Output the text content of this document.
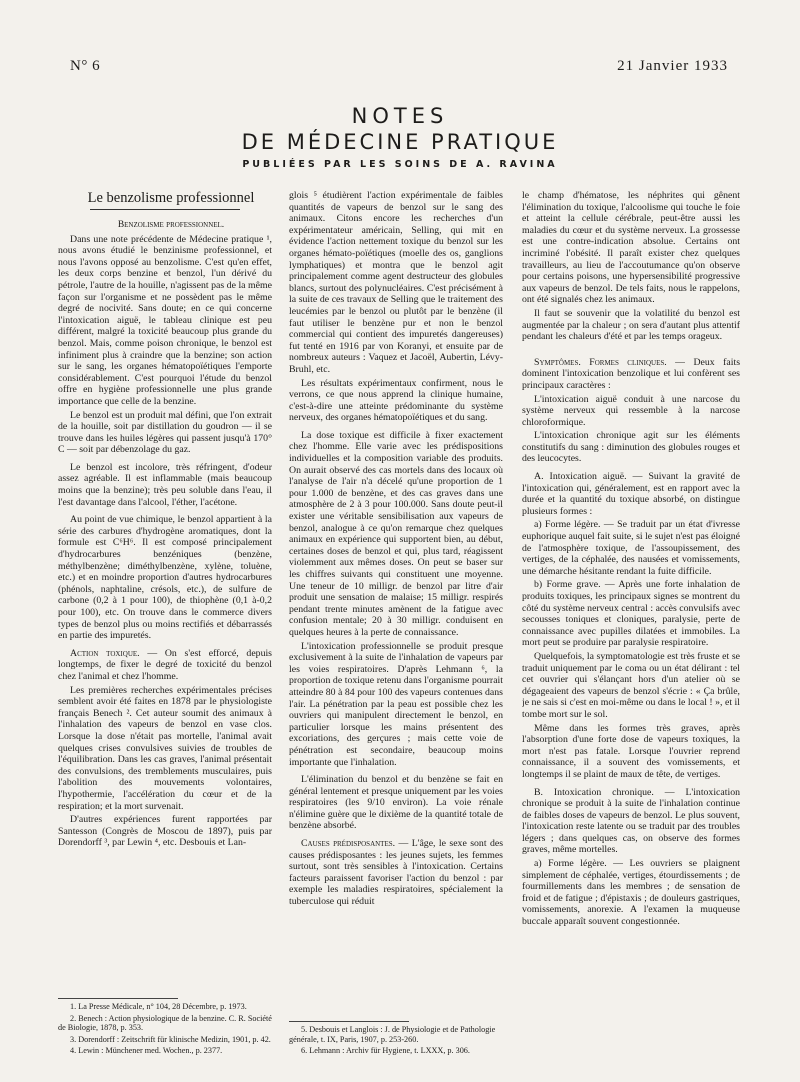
N° 6	21 Janvier 1933
NOTES
DE MÉDECINE PRATIQUE
PUBLIÉES PAR LES SOINS DE A. RAVINA

Le benzolisme professionnel

Benzolisme professionnel.

Dans une note précédente de Médecine pratique ¹, nous avons étudié le benzinisme professionnel, et nous l'avons opposé au benzolisme. C'est qu'en effet, les deux corps benzine et benzol, l'un dérivé du pétrole, l'autre de la houille, n'agissent pas de la même façon sur l'organisme et ne possèdent pas le même degré de nocivité. Sans doute; en ce qui concerne l'intoxication aiguë, le tableau clinique est peu différent, malgré la toxicité beaucoup plus grande du benzol. Mais, comme poison chronique, le benzol est infiniment plus à craindre que la benzine; son action sur le sang, les organes hématopoïétiques l'emporte considérablement. C'est pourquoi l'étude du benzol offre en hygiène professionnelle une plus grande importance que celle de la benzine.

Le benzol est un produit mal défini, que l'on extrait de la houille, soit par distillation du goudron — il se trouve dans les huiles légères qui passent jusqu'à 170° C — soit par débenzolage du gaz.

Le benzol est incolore, très réfringent, d'odeur assez agréable. Il est inflammable (mais beaucoup moins que la benzine); très peu soluble dans l'eau, il l'est davantage dans l'alcool, l'éther, l'acétone.

Au point de vue chimique, le benzol appartient à la série des carbures d'hydrogène aromatiques, dont la formule est C⁶H⁶. Il est composé principalement d'hydrocarbures benzéniques (benzène, méthylbenzène; diméthylbenzène, xylène, toluène, etc.) et en moindre proportion d'autres hydrocarbures (phénols, naphtaline, crésols, etc.), de sulfure de carbone (0,2 à 1 pour 100), de thiophène (0,1 à-0,2 pour 100), etc. On trouve dans le commerce divers types de benzol plus ou moins rectifiés et débarrassés en partie des impuretés.

Action toxique. — On s'est efforcé, depuis longtemps, de fixer le degré de toxicité du benzol chez l'animal et chez l'homme.

Les premières recherches expérimentales précises semblent avoir été faites en 1878 par le physiologiste français Benech ². Cet auteur soumit des animaux à l'inhalation des vapeurs de benzol en vase clos. Lorsque la dose n'était pas mortelle, l'animal avait quelques crises convulsives suivies de troubles de l'équilibration. Dans les cas graves, l'animal présentait des convulsions, des tremblements musculaires, puis l'abolition des mouvements volontaires, l'hypothermie, l'accélération du cœur et de la respiration; et la mort survenait.

D'autres expériences furent rapportées par Santesson (Congrès de Moscou de 1897), puis par Dorendorff ³, par Lewin ⁴, etc. Desbouis et Lan-

1. La Presse Médicale, n° 104, 28 Décembre, p. 1973.

2. Benech : Action physiologique de la benzine. C. R. Société de Biologie, 1878, p. 353.

3. Dorendorff : Zeitschrift für klinische Medizin, 1901, p. 42.

4. Lewin : Münchener med. Wochen., p. 2377.

glois ⁵ étudièrent l'action expérimentale de faibles quantités de vapeurs de benzol sur le sang des animaux. Citons encore les recherches d'un expérimentateur américain, Selling, qui mit en évidence l'action nettement toxique du benzol sur les organes hémato-poïétiques (moelle des os, ganglions lymphatiques) et montra que le benzol agit principalement comme agent destructeur des globules blancs, surtout des polynucléaires. C'est précisément à la suite de ces travaux de Selling que le traitement des leucémies par le benzol ou plutôt par le benzène (il faut utiliser le benzène pur et non le benzol commercial qui contient des impuretés dangereuses) fut tenté en 1916 par von Koranyi, et ensuite par de nombreux auteurs : Vaquez et Jacoël, Aubertin, Lévy-Bruhl, etc.

Les résultats expérimentaux confirment, nous le verrons, ce que nous apprend la clinique humaine, c'est-à-dire une atteinte prédominante du système nerveux, des organes hématopoïétiques et du sang.

La dose toxique est difficile à fixer exactement chez l'homme. Elle varie avec les prédispositions individuelles et la composition variable des produits. On aurait observé des cas mortels dans des locaux où l'analyse de l'air n'a décelé qu'une proportion de 1 pour 1.000 de benzène, et des cas graves dans une atmosphère de 2 à 3 pour 100.000. Sans doute peut-il exister une véritable sensibilisation aux vapeurs de benzol, analogue à ce qu'on remarque chez quelques animaux en expérience qui supportent bien, au début, certaines doses de benzol et qui, plus tard, réagissent violemment aux mêmes doses. On peut se baser sur les chiffres suivants qui constituent une moyenne. Une teneur de 10 milligr. de benzol par litre d'air produit une sensation de malaise; 15 milligr. respirés pendant trente minutes amènent de la fatigue avec confusion mentale; 20 à 30 milligr. conduisent en quelques heures à la perte de connaissance.

L'intoxication professionnelle se produit presque exclusivement à la suite de l'inhalation de vapeurs par les voies respiratoires. D'après Lehmann ⁶, la proportion de toxique retenu dans l'organisme pourrait atteindre 80 à 84 pour 100 des vapeurs contenues dans l'air. La pénétration par la peau est possible chez les ouvriers qui manipulent directement le benzol, en particulier lorsque les mains présentent des excoriations, des gerçures ; mais cette voie de pénétration est secondaire, beaucoup moins importante que l'inhalation.

L'élimination du benzol et du benzène se fait en général lentement et presque uniquement par les voies respiratoires (les 9/10 environ). La voie rénale n'élimine guère que le dixième de la quantité totale de benzène absorbé.

Causes prédisposantes. — L'âge, le sexe sont des causes prédisposantes : les jeunes sujets, les femmes surtout, sont très sensibles à l'intoxication. Certains facteurs paraissent favoriser l'action du benzol : par exemple les maladies respiratoires, spécialement la tuberculose qui réduit

5. Desbouis et Langlois : J. de Physiologie et de Pathologie générale, t. IX, Paris, 1907, p. 253-260.

6. Lehmann : Archiv für Hygiene, t. LXXX, p. 306.

le champ d'hématose, les néphrites qui gênent l'élimination du toxique, l'alcoolisme qui touche le foie et atteint la cellule cérébrale, peut-être aussi les maladies du cœur et du système nerveux. La grossesse est une contre-indication absolue. Certains ont incriminé l'obésité. Il paraît exister chez quelques travailleurs, au lieu de l'accoutumance qu'on observe pour certains poisons, une hypersensibilité progressive aux vapeurs de benzol. De tels faits, nous le rappelons, ont été signalés chez les animaux.

Il faut se souvenir que la volatilité du benzol est augmentée par la chaleur ; on sera d'autant plus attentif pendant les chaleurs d'été et par les temps orageux.

Symptômes. Formes cliniques. — Deux faits dominent l'intoxication benzolique et lui confèrent ses principaux caractères :

L'intoxication aiguë conduit à une narcose du système nerveux qui ressemble à la narcose chloroformique.

L'intoxication chronique agit sur les éléments constitutifs du sang : diminution des globules rouges et des leucocytes.

A. Intoxication aiguë. — Suivant la gravité de l'intoxication qui, généralement, est en rapport avec la durée et la quantité du toxique absorbé, on distingue plusieurs formes :

a) Forme légère. — Se traduit par un état d'ivresse euphorique auquel fait suite, si le sujet n'est pas éloigné de l'atmosphère toxique, de l'assoupissement, des vertiges, de la céphalée, des nausées et vomissements, une démarche hésitante rendant la fuite difficile.

b) Forme grave. — Après une forte inhalation de produits toxiques, les principaux signes se montrent du côté du système nerveux central : accès convulsifs avec secousses toniques et cloniques, paralysie, perte de connaissance avec pupilles dilatées et immobiles. La mort peut se produire par paralysie respiratoire.

Quelquefois, la symptomatologie est très fruste et se traduit uniquement par le coma ou un état délirant : tel cet ouvrier qui s'élançant hors d'un atelier où se dégageaient des vapeurs de benzol s'écrie : « Ça brûle, je ne sais si c'est en moi-même ou dans le local ! », et il tombe mort sur le sol.

Même dans les formes très graves, après l'absorption d'une forte dose de vapeurs toxiques, la mort n'est pas fatale. Lorsque l'ouvrier reprend connaissance, il a souvent des vomissements, et longtemps il se plaint de maux de tête, de vertiges.

B. Intoxication chronique. — L'intoxication chronique se produit à la suite de l'inhalation continue de faibles doses de vapeurs de benzol. Le plus souvent, l'intoxication reste latente ou se traduit par des troubles légers ; dans quelques cas, on observe des formes graves, même mortelles.

a) Forme légère. — Les ouvriers se plaignent simplement de céphalée, vertiges, étourdissements ; de fourmillements dans les membres ; de sensation de froid et de fatigue ; d'épistaxis ; de douleurs gastriques, vomissements, anorexie. A l'examen la muqueuse buccale apparaît souvent congestionnée.
